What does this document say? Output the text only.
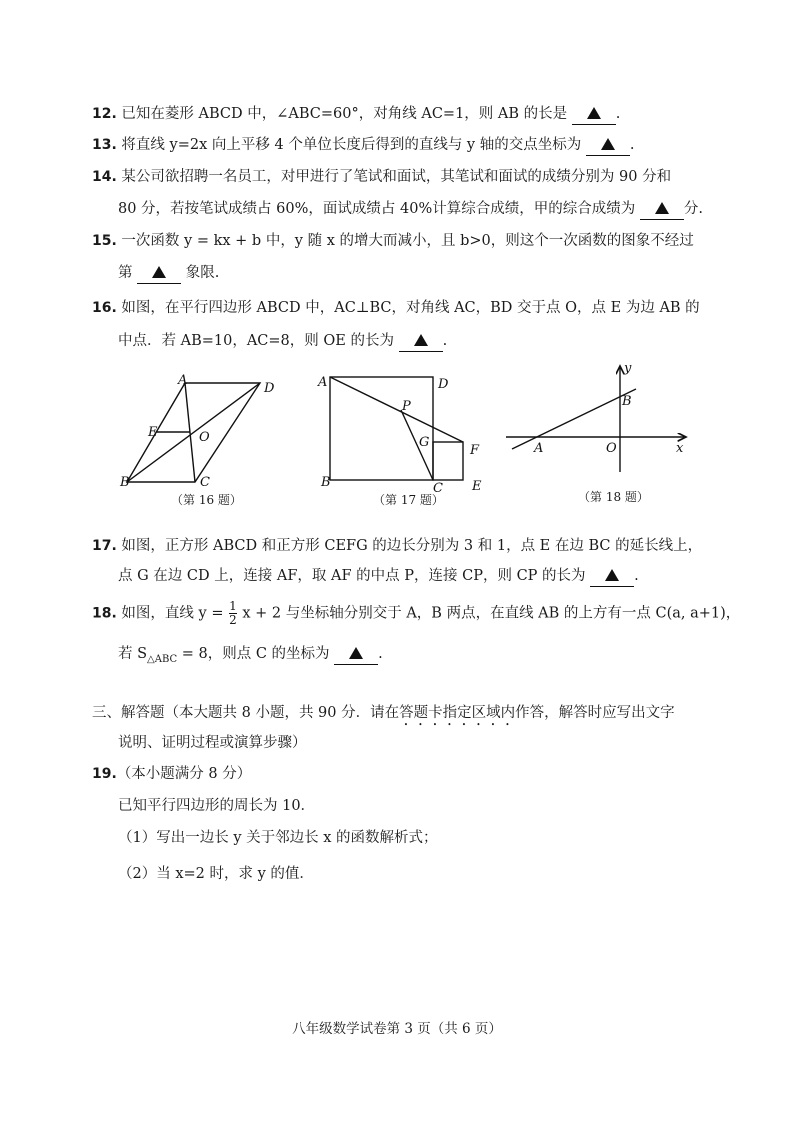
12. 已知在菱形 ABCD 中，∠ABC=60°，对角线 AC=1，则 AB 的长是	.
13. 将直线 y=2x 向上平移 4 个单位长度后得到的直线与 y 轴的交点坐标为	.
14. 某公司欲招聘一名员工，对甲进行了笔试和面试，其笔试和面试的成绩分别为 90 分和
80 分，若按笔试成绩占 60%，面试成绩占 40%计算综合成绩，甲的综合成绩为	分.
15. 一次函数 y = kx + b 中，y 随 x 的增大而减小，且 b>0，则这个一次函数的图象不经过
第	象限.
16. 如图，在平行四边形 ABCD 中，AC⊥BC，对角线 AC，BD 交于点 O，点 E 为边 AB 的
中点．若 AB=10，AC=8，则 OE 的长为	.
A
D
E	O
B	C
（第 16 题）
A	D
P
G
F
B	C E
（第 17 题）
y
B
A	O	x
（第 18 题）
17. 如图，正方形 ABCD 和正方形 CEFG 的边长分别为 3 和 1，点 E 在边 BC 的延长线上，
点 G 在边 CD 上，连接 AF，取 AF 的中点 P，连接 CP，则 CP 的长为	.
18. 如图，直线 $y = \frac{1}{2}$ x + 2 与坐标轴分别交于 A，B 两点，在直线 AB 的上方有一点 C(a, a+1)，
若 $S_{\triangle ABC} = 8$，则点 C 的坐标为	.
三、解答题（本大题共 8 小题，共 90 分．请在答题卡指定区域内作答，解答时应写出文字
说明、证明过程或演算步骤）
19.（本小题满分 8 分）
已知平行四边形的周长为 10．
（1）写出一边长 y 关于邻边长 x 的函数解析式；
（2）当 x=2 时，求 y 的值．
八年级数学试卷第 3 页（共 6 页）
